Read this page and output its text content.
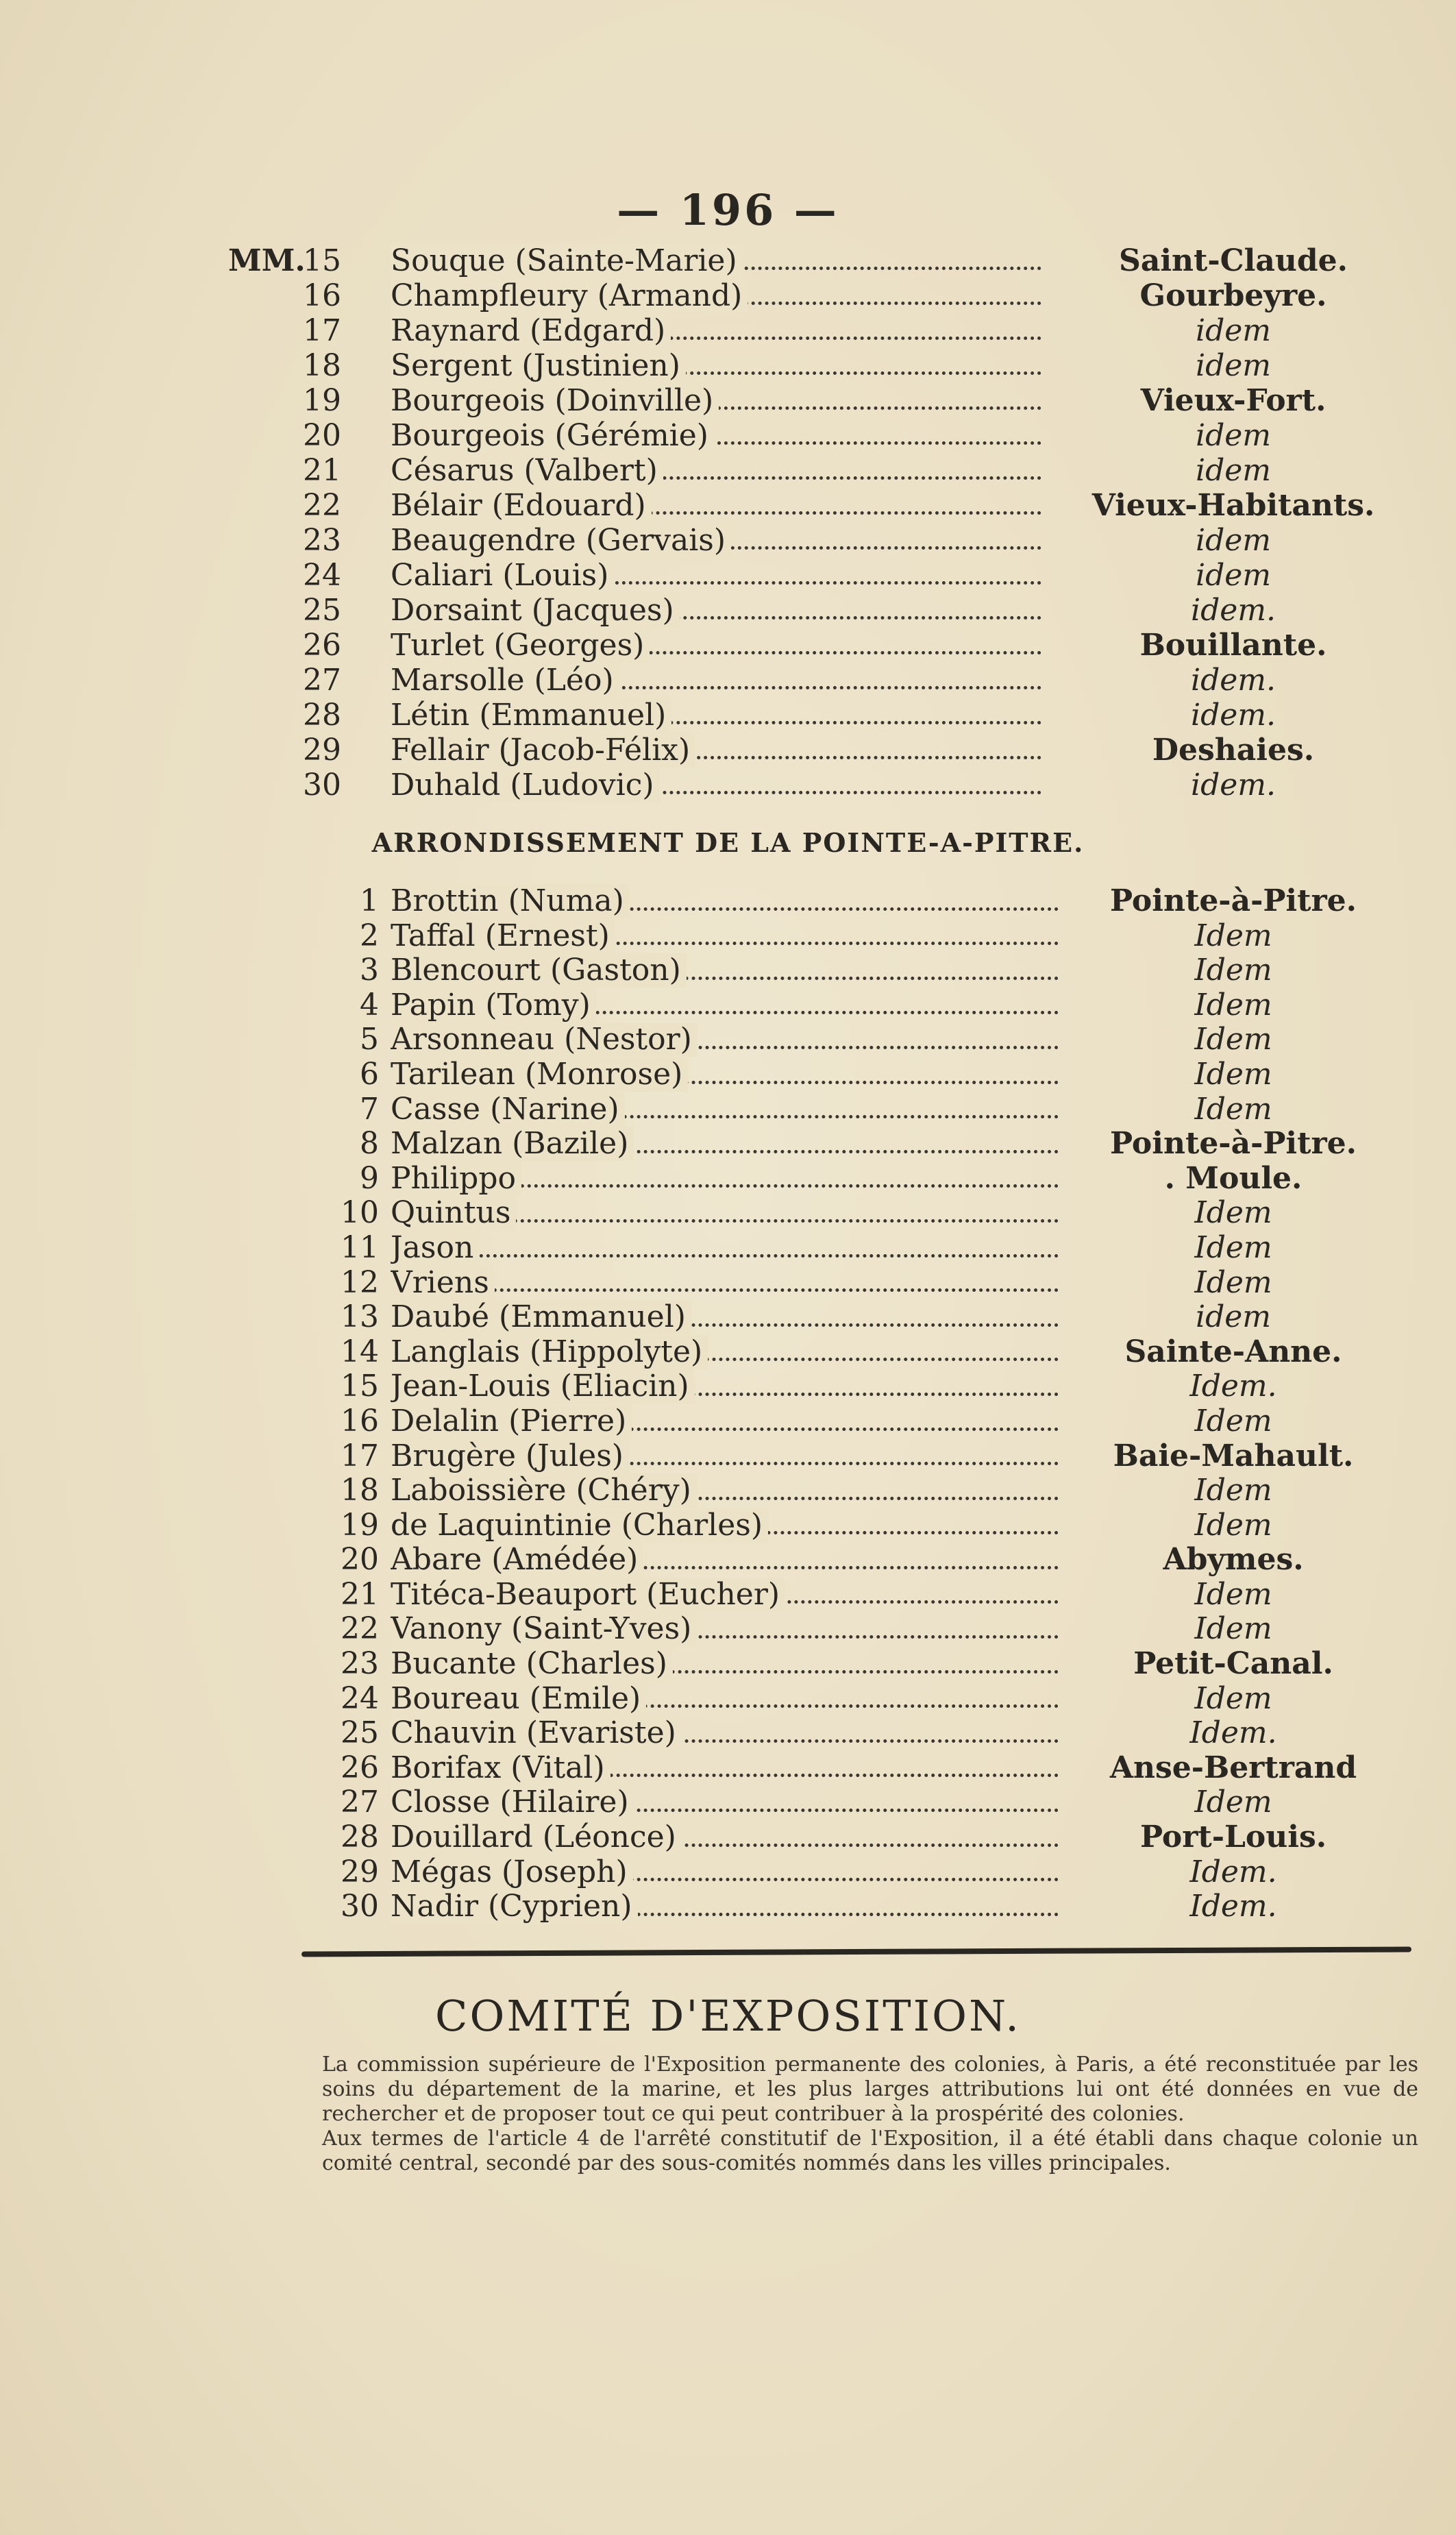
— 196 —
MM.
15 Souque (Sainte-Marie)	Saint-Claude.
16 Champfleury (Armand)	Gourbeyre.
17 Raynard (Edgard)	idem
18 Sergent (Justinien)	idem
19 Bourgeois (Doinville)	Vieux-Fort.
20 Bourgeois (Gérémie)	idem
21 Césarus (Valbert)	idem
22 Bélair (Edouard)	Vieux-Habitants.
23 Beaugendre (Gervais)	idem
24 Caliari (Louis)	idem
25 Dorsaint (Jacques)	idem.
26 Turlet (Georges)	Bouillante.
27 Marsolle (Léo)	idem.
28 Létin (Emmanuel)	idem.
29 Fellair (Jacob-Félix)	Deshaies.
30 Duhald (Ludovic)	idem.
ARRONDISSEMENT DE LA POINTE-A-PITRE.
1 Brottin (Numa)	Pointe-à-Pitre.
2 Taffal (Ernest)	Idem
3 Blencourt (Gaston)	Idem
4 Papin (Tomy)	Idem
5 Arsonneau (Nestor)	Idem
6 Tarilean (Monrose)	Idem
7 Casse (Narine)	Idem
8 Malzan (Bazile)	Pointe-à-Pitre.
9 Philippo	. Moule.
10 Quintus	Idem
11 Jason	Idem
12 Vriens	Idem
13 Daubé (Emmanuel)	idem
14 Langlais (Hippolyte)	Sainte-Anne.
15 Jean-Louis (Eliacin)	Idem.
16 Delalin (Pierre)	Idem
17 Brugère (Jules)	Baie-Mahault.
18 Laboissière (Chéry)	Idem
19 de Laquintinie (Charles)	Idem
20 Abare (Amédée)	Abymes.
21 Titéca-Beauport (Eucher)	Idem
22 Vanony (Saint-Yves)	Idem
23 Bucante (Charles)	Petit-Canal.
24 Boureau (Emile)	Idem
25 Chauvin (Evariste)	Idem.
26 Borifax (Vital)	Anse-Bertrand
27 Closse (Hilaire)	Idem
28 Douillard (Léonce)	Port-Louis.
29 Mégas (Joseph)	Idem.
30 Nadir (Cyprien)	Idem.
COMITÉ D'EXPOSITION.

La commission supérieure de l'Exposition permanente des colonies, à Paris, a été reconstituée par les soins du département de la marine, et les plus larges attributions lui ont été données en vue de rechercher et de proposer tout ce qui peut contribuer à la prospérité des colonies.

Aux termes de l'article 4 de l'arrêté constitutif de l'Exposition, il a été établi dans chaque colonie un comité central, secondé par des sous-comités nommés dans les villes principales.
